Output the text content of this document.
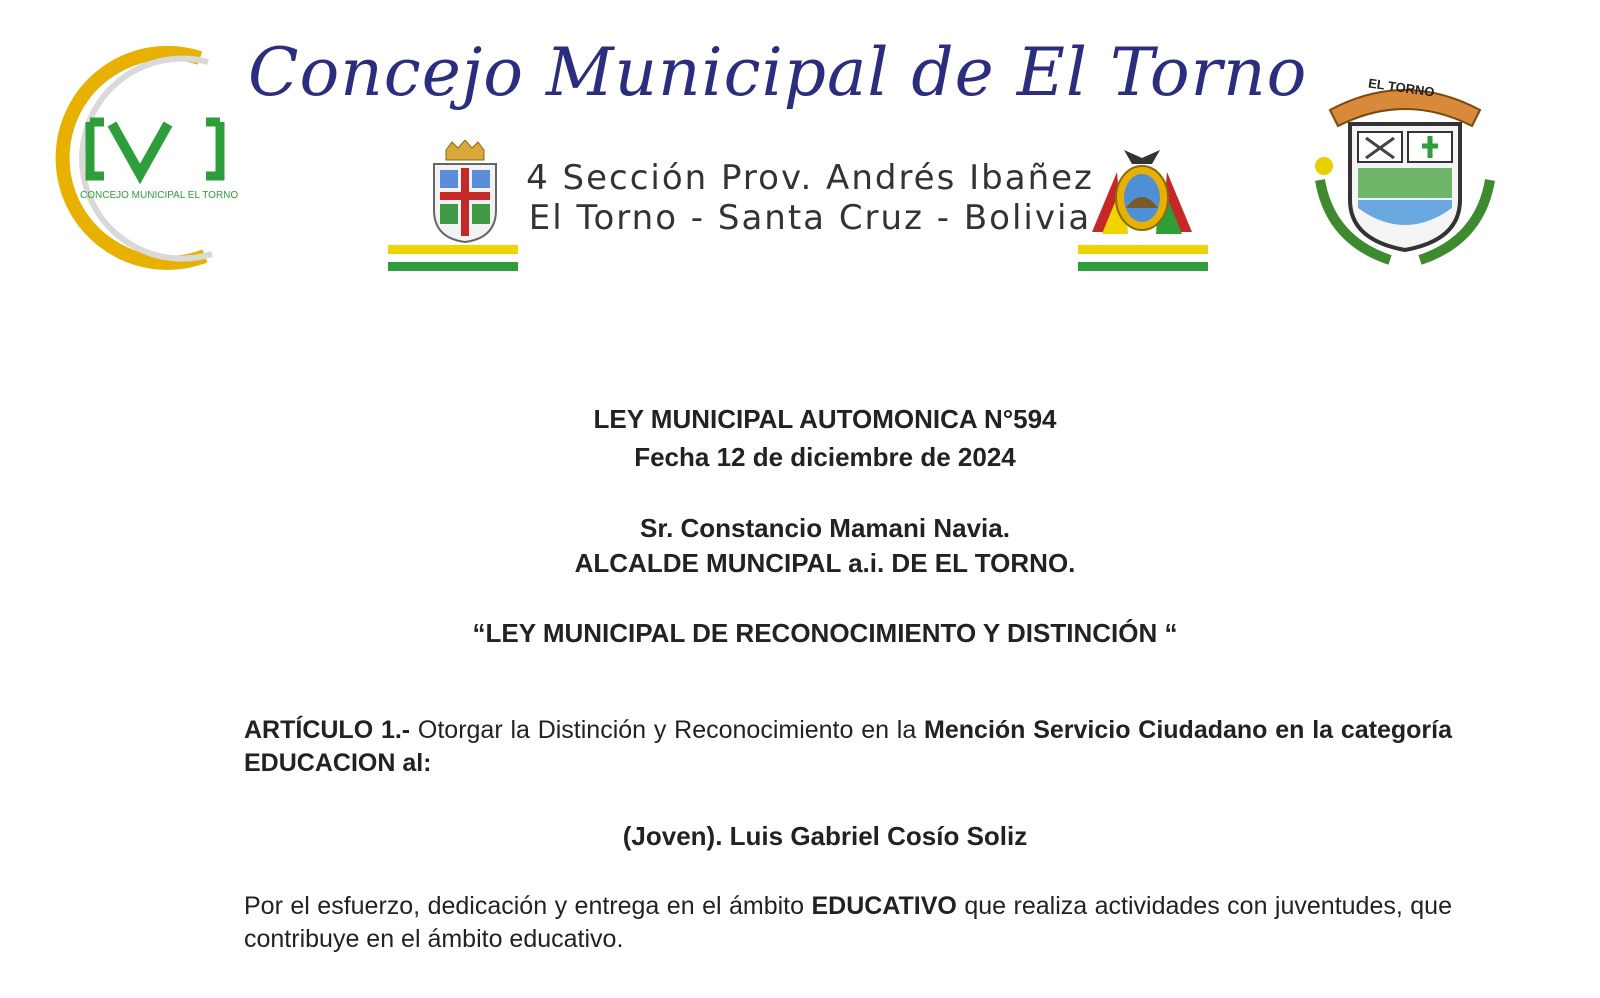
CONCEJO MUNICIPAL EL TORNO
Concejo Municipal de El Torno
4 Sección Prov. Andrés Ibañez
El Torno - Santa Cruz - Bolivia
EL TORNO
LEY MUNICIPAL AUTOMONICA N°594
Fecha 12 de diciembre de 2024
Sr. Constancio Mamani Navia.
ALCALDE MUNCIPAL a.i. DE EL TORNO.
“LEY MUNICIPAL DE RECONOCIMIENTO Y DISTINCIÓN “
ARTÍCULO 1.- Otorgar la Distinción y Reconocimiento en la Mención Servicio Ciudadano en la categoría EDUCACION al:
(Joven). Luis Gabriel Cosío Soliz
Por el esfuerzo, dedicación y entrega en el ámbito EDUCATIVO que realiza actividades con juventudes, que contribuye en el ámbito educativo.
